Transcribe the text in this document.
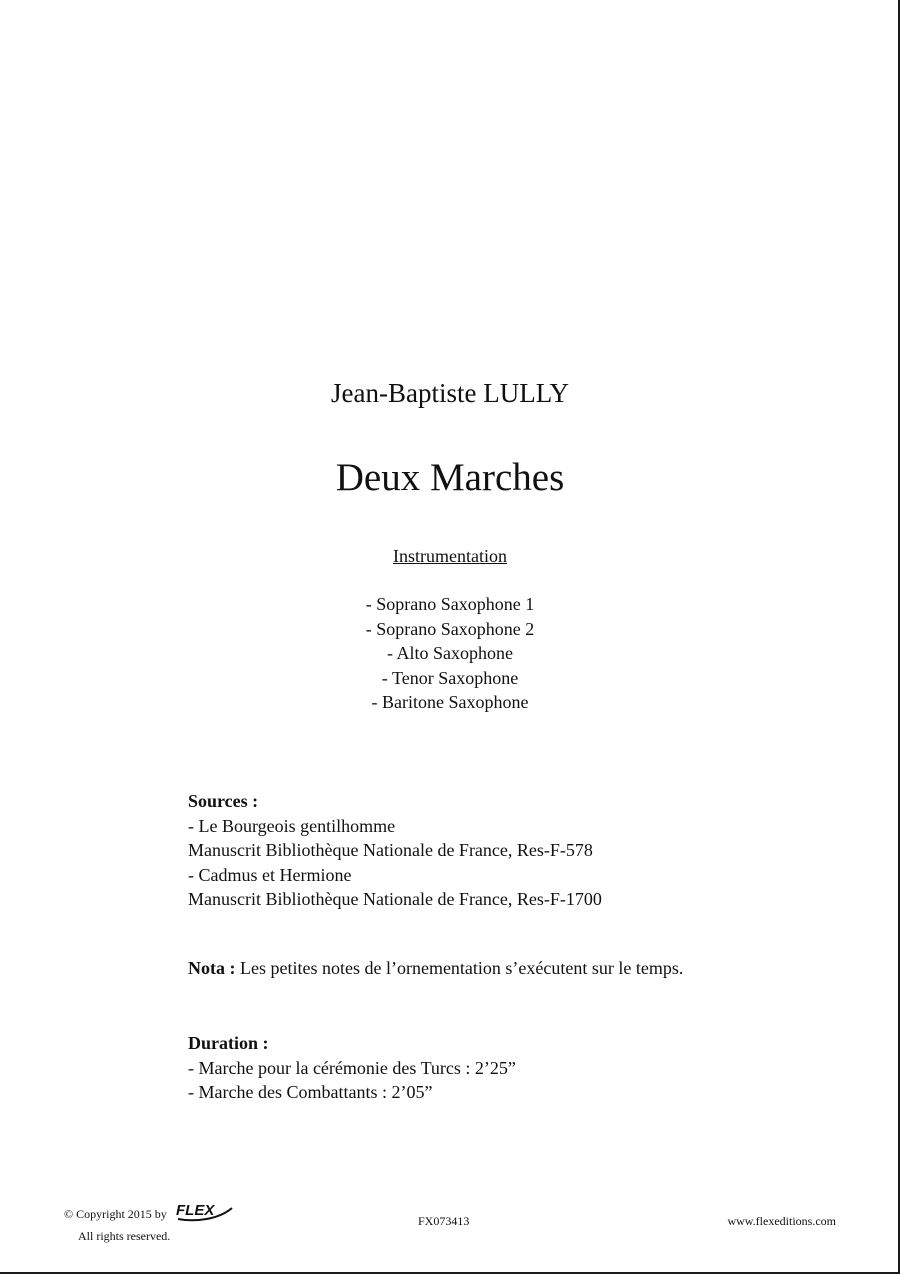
Jean-Baptiste LULLY
Deux Marches
Instrumentation
- Soprano Saxophone 1
- Soprano Saxophone 2
- Alto Saxophone
- Tenor Saxophone
- Baritone Saxophone
Sources :
- Le Bourgeois gentilhomme
Manuscrit Bibliothèque Nationale de France, Res-F-578
- Cadmus et Hermione
Manuscrit Bibliothèque Nationale de France, Res-F-1700
Nota : Les petites notes de l’ornementation s’exécutent sur le temps.
Duration :
- Marche pour la cérémonie des Turcs : 2’25”
- Marche des Combattants : 2’05”
© Copyright 2015 by FLEX
All rights reserved.
FX073413	www.flexeditions.com
